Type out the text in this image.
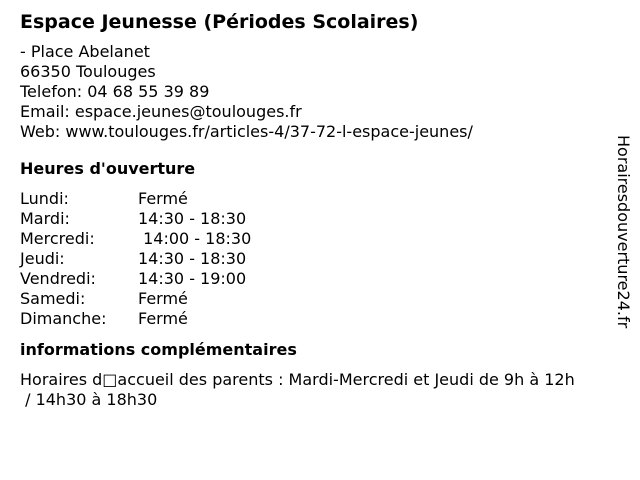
Espace Jeunesse (Périodes Scolaires)
- Place Abelanet
66350 Toulouges
Telefon: 04 68 55 39 89
Email: espace.jeunes@toulouges.fr
Web: www.toulouges.fr/articles-4/37-72-l-espace-jeunes/
Heures d'ouverture
Lundi:	Fermé
Mardi:	14:30 - 18:30
Mercredi:	14:00 - 18:30
Jeudi:	14:30 - 18:30
Vendredi:	14:30 - 19:00
Samedi:	Fermé
Dimanche:	Fermé
informations complémentaires
Horaires d□accueil des parents : Mardi-Mercredi et Jeudi de 9h à 12h
/ 14h30 à 18h30
Horairesdouverture24.fr
